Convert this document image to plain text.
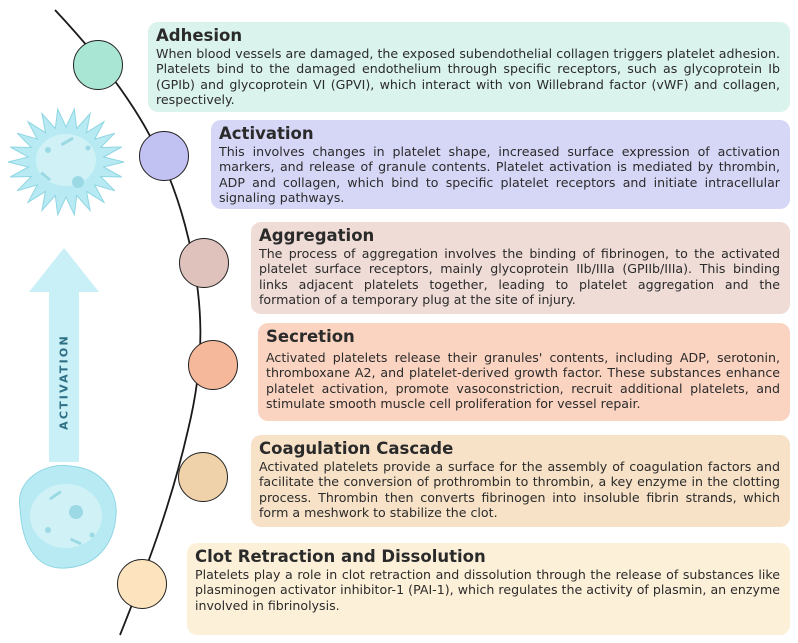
ACTIVATION
Adhesion

When blood vessels are damaged, the exposed subendothelial collagen triggers platelet adhesion. Platelets bind to the damaged endothelium through specific receptors, such as glycoprotein Ib (GPIb) and glycoprotein VI (GPVI), which interact with von Willebrand factor (vWF) and collagen, respectively.

Activation

This involves changes in platelet shape, increased surface expression of activation markers, and release of granule contents. Platelet activation is mediated by thrombin, ADP and collagen, which bind to specific platelet receptors and initiate intracellular signaling pathways.

Aggregation

The process of aggregation involves the binding of fibrinogen, to the activated platelet surface receptors, mainly glycoprotein IIb/IIIa (GPIIb/IIIa). This binding links adjacent platelets together, leading to platelet aggregation and the formation of a temporary plug at the site of injury.

Secretion

Activated platelets release their granules' contents, including ADP, serotonin, thromboxane A2, and platelet-derived growth factor. These substances enhance platelet activation, promote vasoconstriction, recruit additional platelets, and stimulate smooth muscle cell proliferation for vessel repair.

Coagulation Cascade

Activated platelets provide a surface for the assembly of coagulation factors and facilitate the conversion of prothrombin to thrombin, a key enzyme in the clotting process. Thrombin then converts fibrinogen into insoluble fibrin strands, which form a meshwork to stabilize the clot.

Clot Retraction and Dissolution

Platelets play a role in clot retraction and dissolution through the release of substances like plasminogen activator inhibitor-1 (PAI-1), which regulates the activity of plasmin, an enzyme involved in fibrinolysis.
